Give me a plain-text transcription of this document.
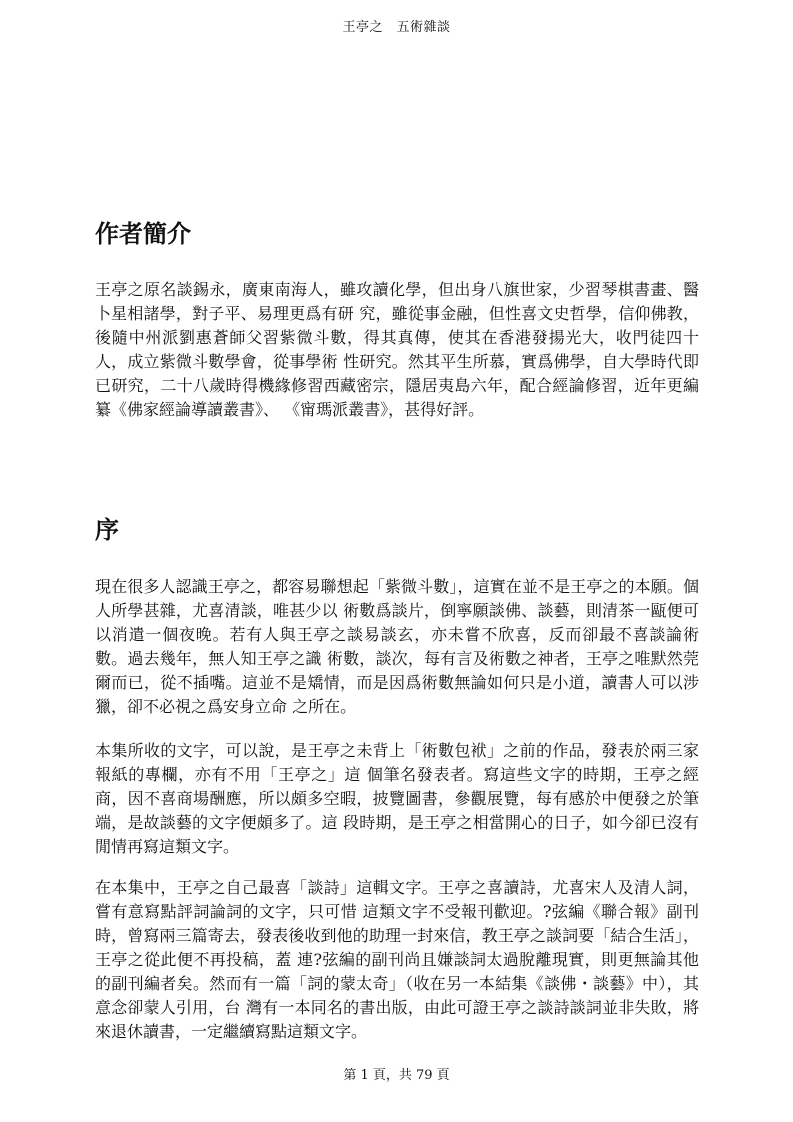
王亭之　五術雜談
作者簡介

王亭之原名談錫永，廣東南海人，雖攻讀化學，但出身八旗世家，少習琴棋書畫、醫卜星相諸學，對子平、易理更爲有研 究，雖從事金融，但性喜文史哲學，信仰佛教，後隨中州派劉惠蒼師父習紫微斗數，得其真傳，使其在香港發揚光大，收門徒四十人，成立紫微斗數學會，從事學術 性研究。然其平生所慕，實爲佛學，自大學時代即已研究，二十八歲時得機緣修習西藏密宗，隱居夷島六年，配合經論修習，近年更編纂《佛家經論導讀叢書》、 《甯瑪派叢書》，甚得好評。

序

現在很多人認識王亭之，都容易聯想起「紫微斗數」，這實在並不是王亭之的本願。個人所學甚雜，尤喜清談，唯甚少以 術數爲談片，倒寧願談佛、談藝，則清茶一甌便可以消遣一個夜晚。若有人與王亭之談易談玄，亦未嘗不欣喜，反而卻最不喜談論術數。過去幾年，無人知王亭之識 術數，談次，每有言及術數之神者，王亭之唯默然莞爾而已，從不插嘴。這並不是矯情，而是因爲術數無論如何只是小道，讀書人可以涉獵，卻不必視之爲安身立命 之所在。

本集所收的文字，可以說，是王亭之未背上「術數包袱」之前的作品，發表於兩三家報紙的專欄，亦有不用「王亭之」這 個筆名發表者。寫這些文字的時期，王亭之經商，因不喜商場酬應，所以頗多空暇，披覽圖書，參觀展覽，每有感於中便發之於筆端，是故談藝的文字便頗多了。這 段時期，是王亭之相當開心的日子，如今卻已沒有閒情再寫這類文字。

在本集中，王亭之自己最喜「談詩」這輯文字。王亭之喜讀詩，尤喜宋人及清人詞，嘗有意寫點評詞論詞的文字，只可惜 這類文字不受報刊歡迎。?弦編《聯合報》副刊時，曾寫兩三篇寄去，發表後收到他的助理一封來信，教王亭之談詞要「結合生活」，王亭之從此便不再投稿，蓋 連?弦編的副刊尚且嫌談詞太過脫離現實，則更無論其他的副刊編者矣。然而有一篇「詞的蒙太奇」（收在另一本結集《談佛・談藝》中），其意念卻蒙人引用，台 灣有一本同名的書出版，由此可證王亭之談詩談詞並非失敗，將來退休讀書，一定繼續寫點這類文字。

第 1 頁，共 79 頁
